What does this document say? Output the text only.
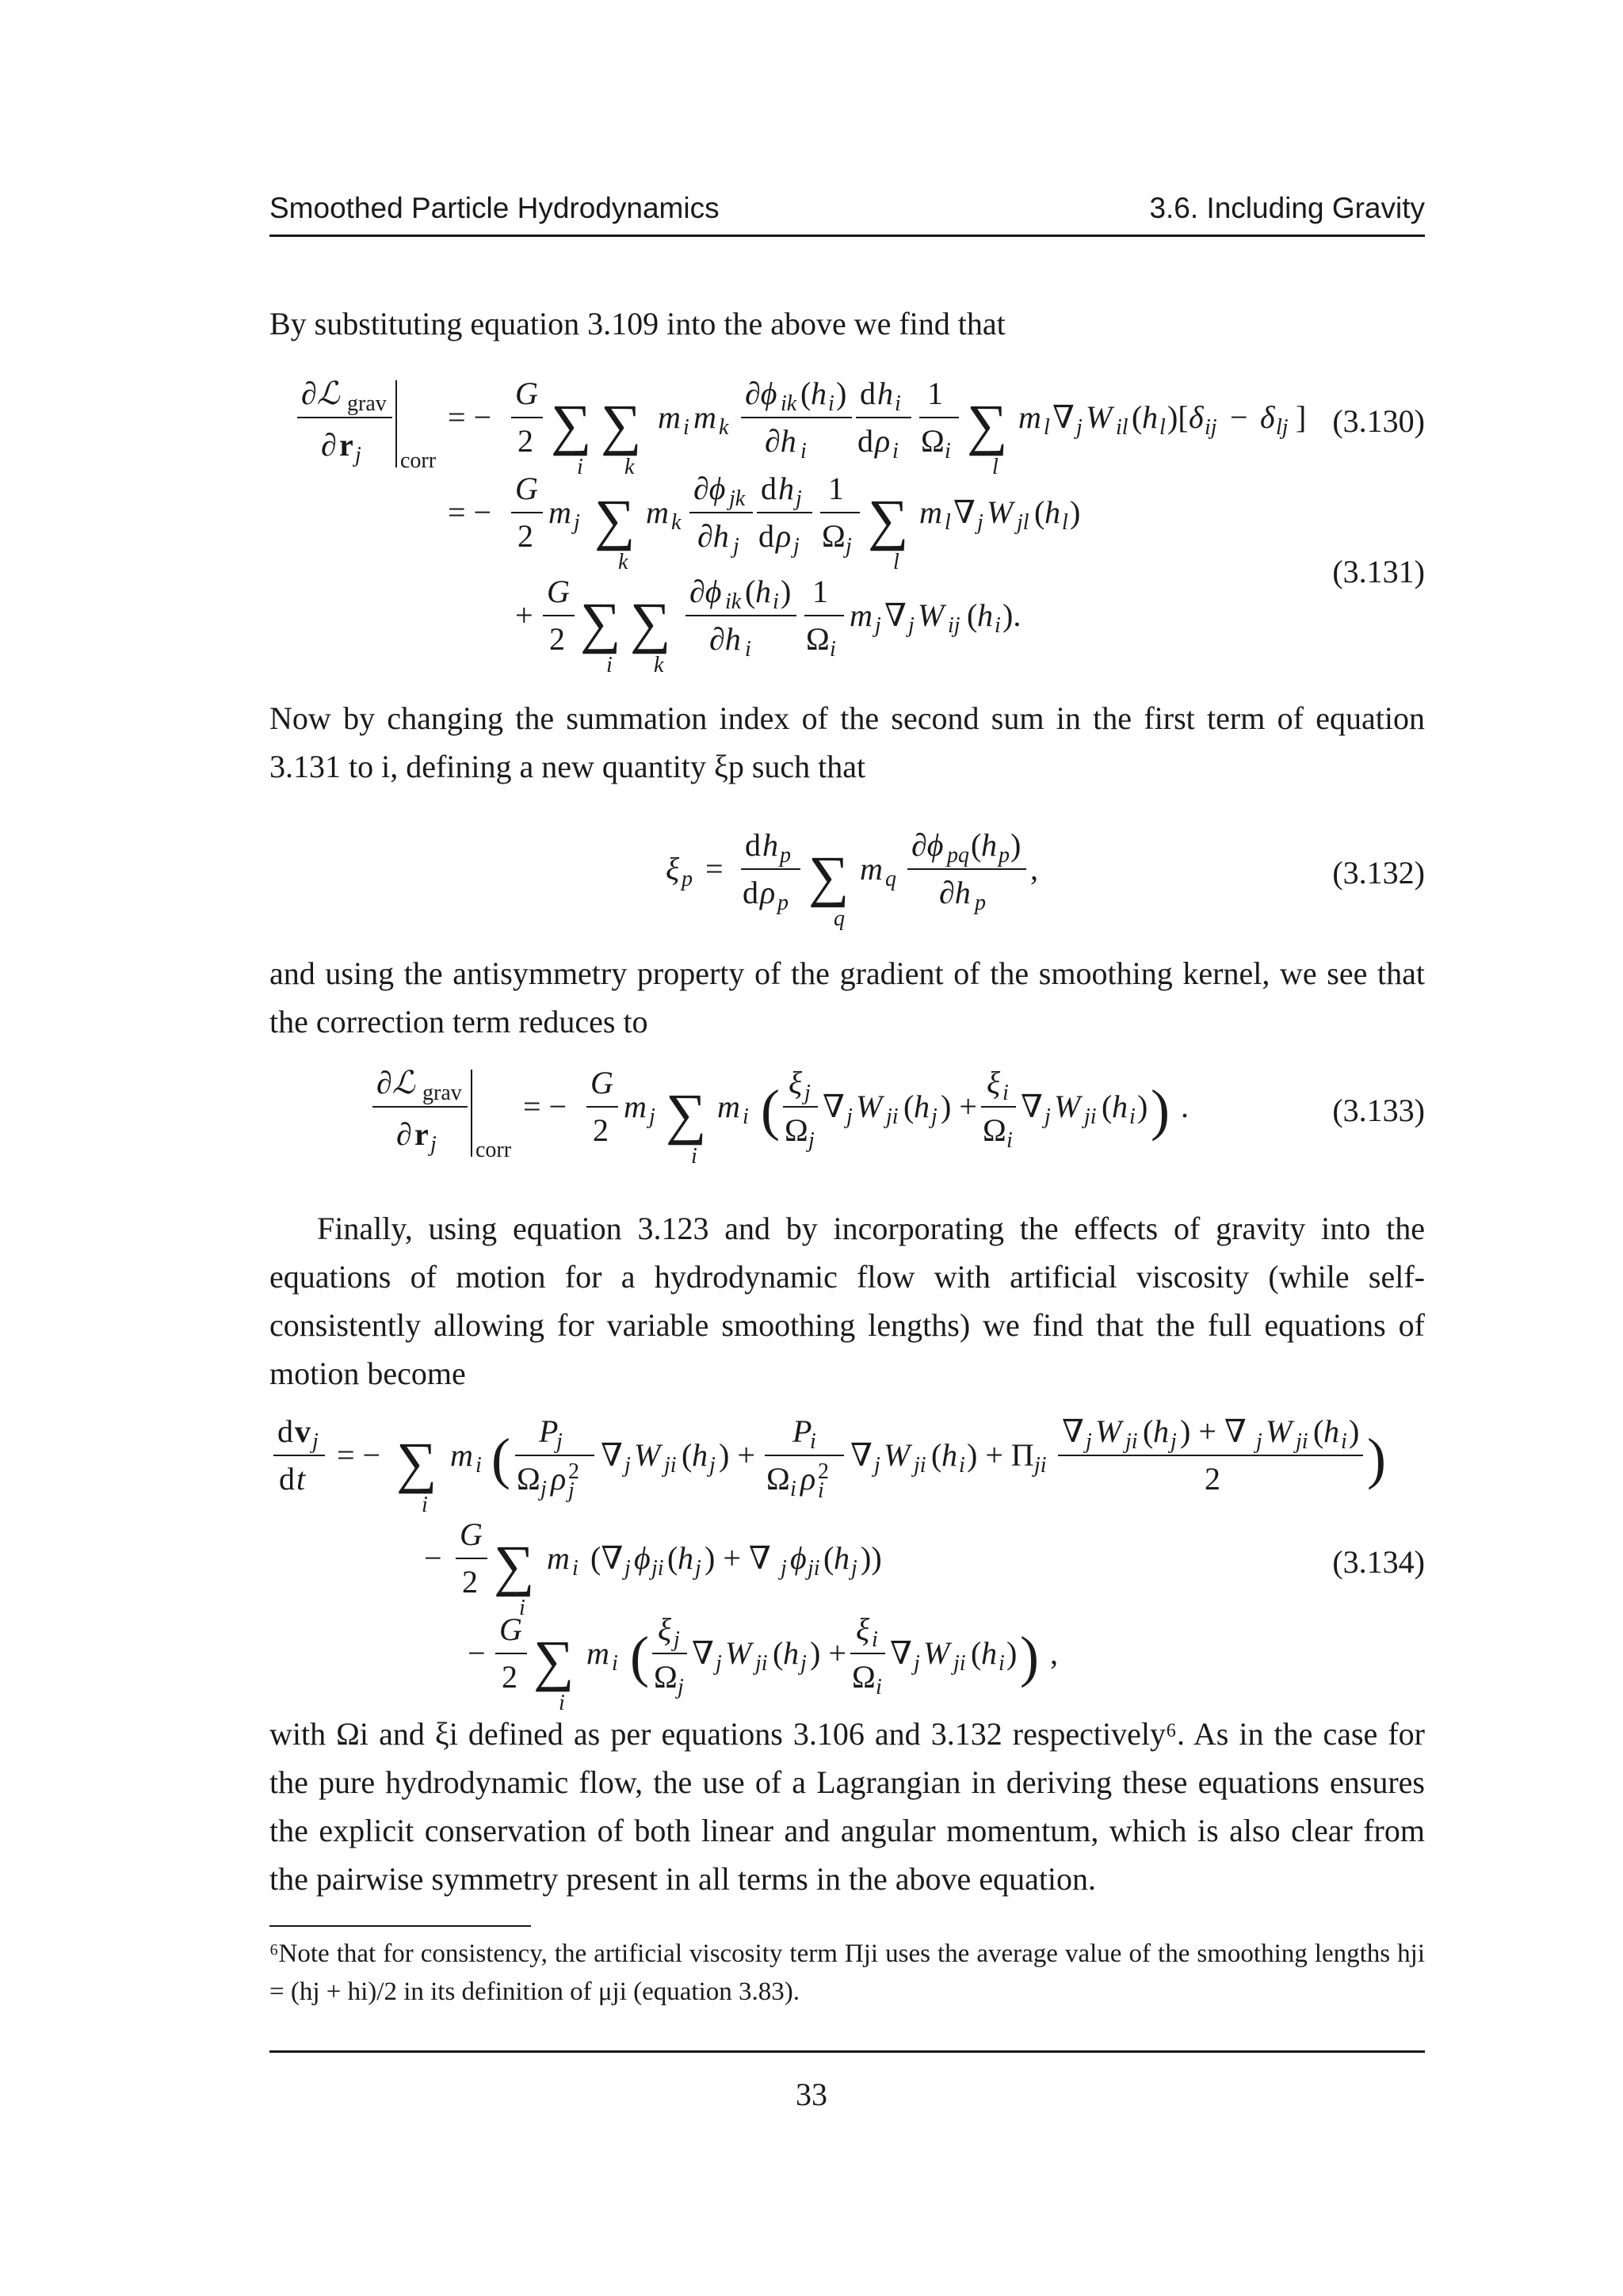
Smoothed Particle Hydrodynamics	3.6. Including Gravity
By substituting equation 3.109 into the above we find that
∂ℒ grav
∂ r j corr
= −
G
2 ∑
i
∑
k
m i m k
∂ϕ ik ( h i )
∂h i
d h i
d ρ i
1
Ω i ∑
l
m l ∇ j W il ( h l )[ δ ij − δ lj ]
= −
G
2
m j ∑
k
m k
∂ϕ jk
∂h j
d h j
d ρ j
1
Ω j ∑
l
m l ∇ j W jl ( h l )
+
G
2 ∑
i
∑
k
∂ϕ ik ( h i )
∂h i
1
Ω i
m j ∇ j W ij ( h i ).
(3.130)
(3.131)
Now by changing the summation index of the second sum in the first term of equation 3.131 to i, defining a new quantity ξp such that
ξ p =
d h p
d ρ p ∑
q
m q
∂ϕ pq ( h p )
∂h p
,	(3.132)
and using the antisymmetry property of the gradient of the smoothing kernel, we see that the correction term reduces to
∂ℒ grav
∂ r j corr
= −
G
2
m j ∑
i
m i ( ξ j
Ω j
∇ j W ji ( h j ) +
ξ i
Ω i
∇ j W ji ( h i ) ) .	(3.133)
Finally, using equation 3.123 and by incorporating the effects of gravity into the equations of motion for a hydrodynamic flow with artificial viscosity (while self-consistently allowing for variable smoothing lengths) we find that the full equations of motion become
d v j
d t
= − ∑
i
m i ( P
j
Ω j ρ 2
j
∇ j W ji ( h j ) +
P
i
Ω i ρ 2
i
∇ j W ji ( h i ) + Π ji
∇ j W ji ( h j ) + ∇ j W ji ( h i )
2	)
−
G
2 ∑
i
m i (∇ j ϕ ji ( h j ) + ∇ j ϕ ji ( h j ))
−
G
2 ∑
i
m i ( ξ j
Ω j
∇ j W ji ( h j ) +
ξ i
Ω i
∇ j W ji ( h i ) ) ,
(3.134)
with Ωi and ξi defined as per equations 3.106 and 3.132 respectively⁶. As in the case for the pure hydrodynamic flow, the use of a Lagrangian in deriving these equations ensures the explicit conservation of both linear and angular momentum, which is also clear from the pairwise symmetry present in all terms in the above equation.
⁶Note that for consistency, the artificial viscosity term Πji uses the average value of the smoothing lengths hji = (hj + hi)/2 in its definition of μji (equation 3.83).
33
